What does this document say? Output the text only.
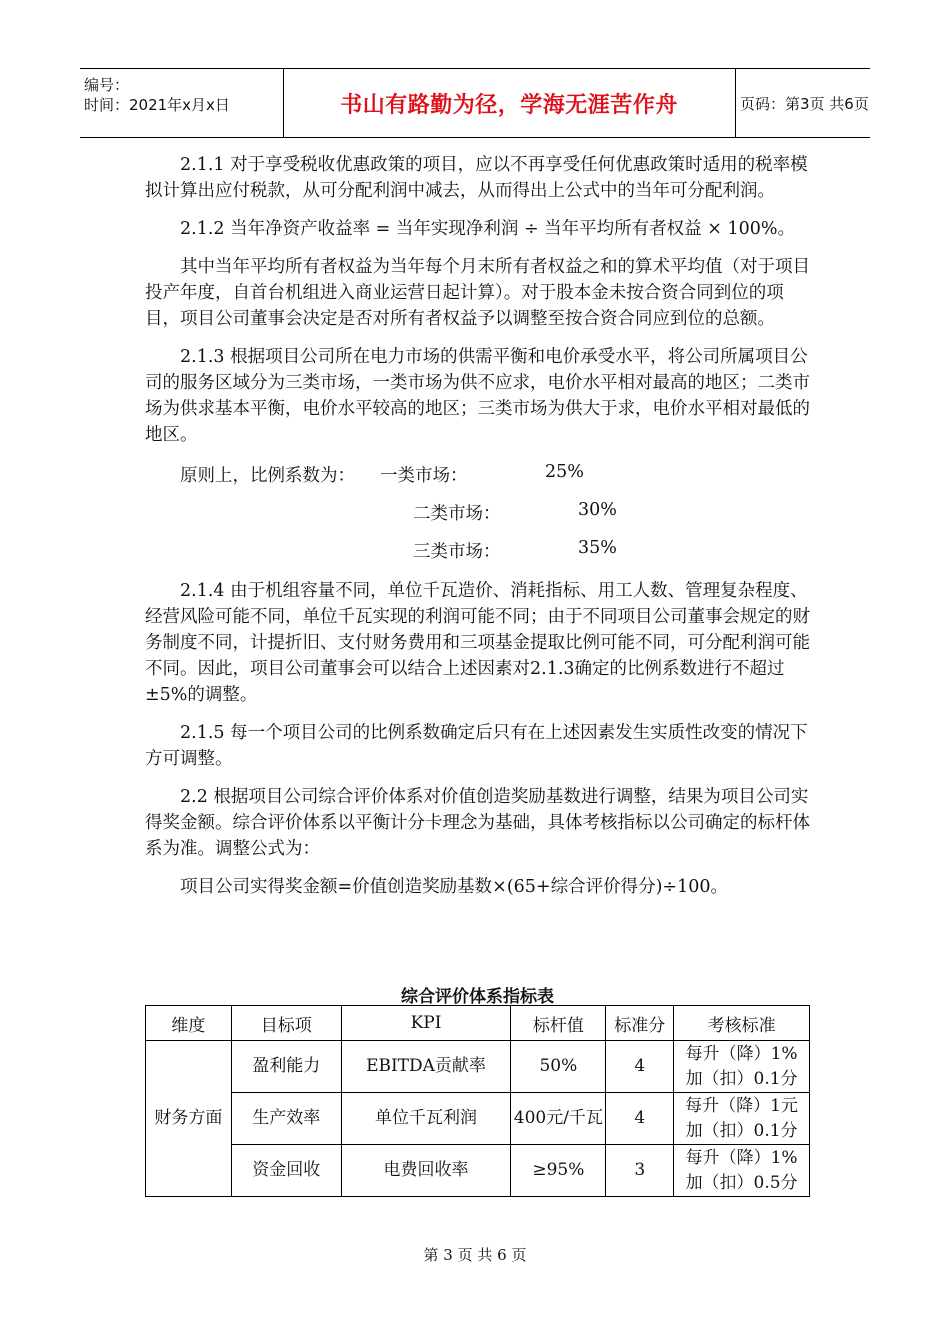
编号：
时间：2021年x月x日	书山有路勤为径，学海无涯苦作舟	页码：第3页 共6页

2.1.1 对于享受税收优惠政策的项目，应以不再享受任何优惠政策时适用的税率模拟计算出应付税款，从可分配利润中减去，从而得出上公式中的当年可分配利润。

2.1.2 当年净资产收益率 = 当年实现净利润 ÷ 当年平均所有者权益 × 100%。

其中当年平均所有者权益为当年每个月末所有者权益之和的算术平均值（对于项目投产年度，自首台机组进入商业运营日起计算）。对于股本金未按合资合同到位的项目，项目公司董事会决定是否对所有者权益予以调整至按合资合同应到位的总额。

2.1.3 根据项目公司所在电力市场的供需平衡和电价承受水平，将公司所属项目公司的服务区域分为三类市场，一类市场为供不应求，电价水平相对最高的地区；二类市场为供求基本平衡，电价水平较高的地区；三类市场为供大于求，电价水平相对最低的地区。

原则上，比例系数为： 一类市场：	25%
二类市场：	30%
三类市场：	35%

2.1.4 由于机组容量不同，单位千瓦造价、消耗指标、用工人数、管理复杂程度、经营风险可能不同，单位千瓦实现的利润可能不同；由于不同项目公司董事会规定的财务制度不同，计提折旧、支付财务费用和三项基金提取比例可能不同，可分配利润可能不同。因此，项目公司董事会可以结合上述因素对2.1.3确定的比例系数进行不超过±5%的调整。

2.1.5 每一个项目公司的比例系数确定后只有在上述因素发生实质性改变的情况下方可调整。

2.2 根据项目公司综合评价体系对价值创造奖励基数进行调整，结果为项目公司实得奖金额。综合评价体系以平衡计分卡理念为基础，具体考核指标以公司确定的标杆体系为准。调整公式为：

项目公司实得奖金额=价值创造奖励基数×(65+综合评价得分)÷100。

综合评价体系指标表
维度	目标项	KPI	标杆值	标准分	考核标准
财务方面	盈利能力	EBITDA贡献率	50%	4	每升（降）1%
加（扣）0.1分

	生产效率	单位千瓦利润	400元/千瓦	4	每升（降）1元
加（扣）0.1分

	资金回收	电费回收率	≥95%	3	每升（降）1%
加（扣）0.5分
第 3 页 共 6 页
